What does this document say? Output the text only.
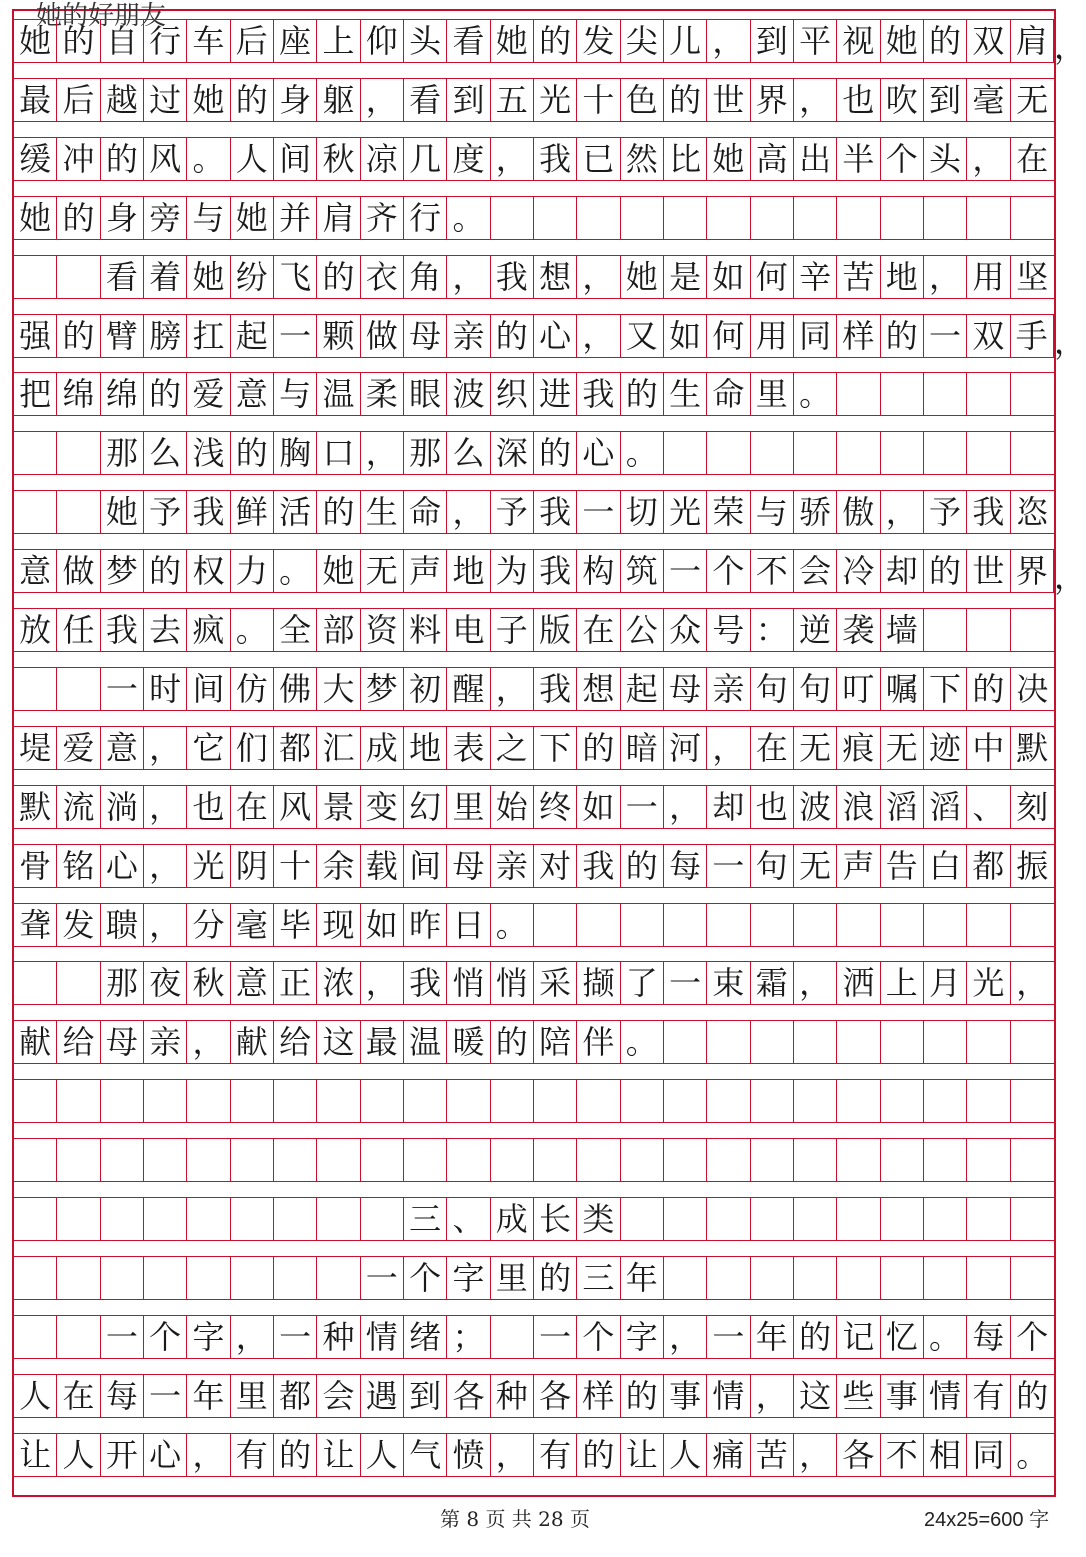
她的好朋友
她 的 自 行 车 后 座 上 仰 头 看 她 的 发 尖 儿 ， 到 平 视 她 的 双 肩 ，
最 后 越 过 她 的 身 躯 ， 看 到 五 光 十 色 的 世 界 ， 也 吹 到 毫 无
缓 冲 的 风 。 人 间 秋 凉 几 度 ， 我 已 然 比 她 高 出 半 个 头 ， 在
她 的 身 旁 与 她 并 肩 齐 行 。
看 着 她 纷 飞 的 衣 角 ， 我 想 ， 她 是 如 何 辛 苦 地 ， 用 坚
强 的 臂 膀 扛 起 一 颗 做 母 亲 的 心 ， 又 如 何 用 同 样 的 一 双 手 ，
把 绵 绵 的 爱 意 与 温 柔 眼 波 织 进 我 的 生 命 里 。
那 么 浅 的 胸 口 ， 那 么 深 的 心 。
她 予 我 鲜 活 的 生 命 ， 予 我 一 切 光 荣 与 骄 傲 ， 予 我 恣
意 做 梦 的 权 力 。 她 无 声 地 为 我 构 筑 一 个 不 会 冷 却 的 世 界 ，
放 任 我 去 疯 。 全 部 资 料 电 子 版 在 公 众 号 ： 逆 袭 墙
一 时 间 仿 佛 大 梦 初 醒 ， 我 想 起 母 亲 句 句 叮 嘱 下 的 决
堤 爱 意 ， 它 们 都 汇 成 地 表 之 下 的 暗 河 ， 在 无 痕 无 迹 中 默
默 流 淌 ， 也 在 风 景 变 幻 里 始 终 如 一 ， 却 也 波 浪 滔 滔 、 刻
骨 铭 心 ， 光 阴 十 余 载 间 母 亲 对 我 的 每 一 句 无 声 告 白 都 振
聋 发 聩 ， 分 毫 毕 现 如 昨 日 。
那 夜 秋 意 正 浓 ， 我 悄 悄 采 撷 了 一 束 霜 ， 洒 上 月 光 ，
献 给 母 亲 ， 献 给 这 最 温 暖 的 陪 伴 。
三 、 成 长 类
一 个 字 里 的 三 年
一 个 字 ， 一 种 情 绪 ； 一 个 字 ， 一 年 的 记 忆 。 每 个
人 在 每 一 年 里 都 会 遇 到 各 种 各 样 的 事 情 ， 这 些 事 情 有 的
让 人 开 心 ， 有 的 让 人 气 愤 ， 有 的 让 人 痛 苦 ， 各 不 相 同 。
第 8 页 共 28 页	24x25=600 字
